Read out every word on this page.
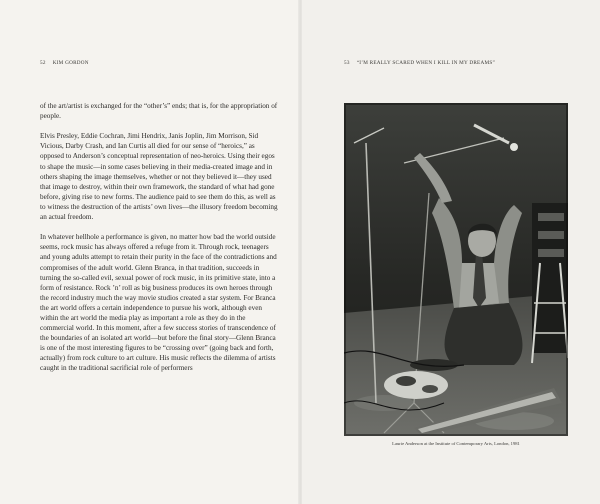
52 KIM GORDON	53 “I’M REALLY SCARED WHEN I KILL IN MY DREAMS”

of the art/artist is exchanged for the “other’s” ends; that is, for the appropriation of people.

Elvis Presley, Eddie Cochran, Jimi Hendrix, Janis Joplin, Jim Morrison, Sid Vicious, Darby Crash, and Ian Curtis all died for our sense of “heroics,” as opposed to Anderson’s conceptual representation of neo-heroics. Using their egos to shape the music—in some cases believing in their media-created image and in others shaping the image themselves, whether or not they believed it—they used that image to destroy, within their own framework, the standard of what had gone before, giving rise to new forms. The audience paid to see them do this, as well as to witness the destruction of the artists’ own lives—the illusory freedom becoming an actual freedom.

In whatever hellhole a performance is given, no matter how bad the world outside seems, rock music has always offered a refuge from it. Through rock, teenagers and young adults attempt to retain their purity in the face of the contradictions and compromises of the adult world. Glenn Branca, in that tradition, succeeds in turning the so-called evil, sexual power of rock music, in its primitive state, into a form of resistance. Rock ’n’ roll as big business produces its own heroes through the record industry much the way movie studios created a star system. For Branca the art world offers a certain independence to pursue his work, although even within the art world the media play as important a role as they do in the commercial world. In this moment, after a few success stories of transcendence of the boundaries of an isolated art world—but before the final story—Glenn Branca is one of the most interesting figures to be “crossing over” (going back and forth, actually) from rock culture to art culture. His music reflects the dilemma of artists caught in the traditional sacrificial role of performers

Laurie Anderson at the Institute of Contemporary Arts, London, 1981
